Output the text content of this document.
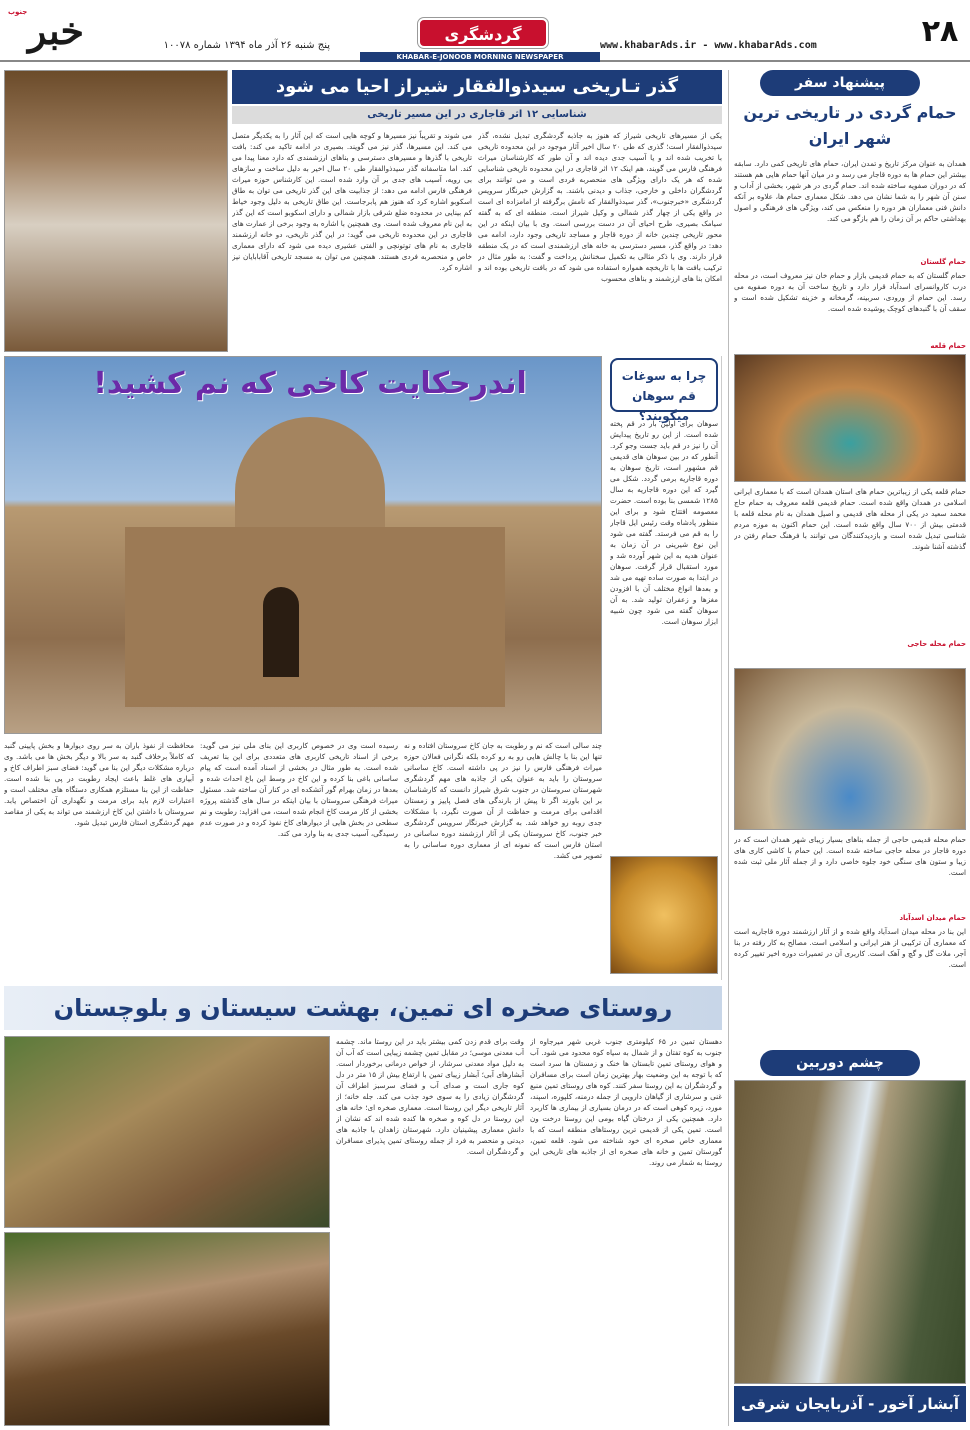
۲۸
www.khabarAds.ir - www.khabarAds.com
گردشگری
KHABAR-E-JONOOB MORNING NEWSPAPER
خبر
جنوب
پنج شنبه ۲۶ آذر ماه ۱۳۹۴ شماره ۱۰۰۷۸
گذر تـاریخی سیدذوالفقار شیراز احیا می شود
شناسایی ۱۲ اثر قاجاری در این مسیر تاریخی
یکی از مسیرهای تاریخی شیراز که هنوز به جاذبه گردشگری تبدیل نشده، گذر سیدذوالفقار است؛ گذری که طی ۲۰ سال اخیر آثار موجود در این محدوده تاریخی با تخریب شده اند و یا آسیب جدی دیده اند و آن طور که کارشناسان میراث فرهنگی فارس می گویند، هم اینک ۱۲ اثر قاجاری در این محدوده تاریخی شناسایی شده که هر یک دارای ویژگی های منحصربه فردی است و می توانند برای گردشگران داخلی و خارجی، جذاب و دیدنی باشند. به گزارش خبرنگار سرویس گردشگری «خبرجنوب»، گذر سیدذوالفقار که نامش برگرفته از امامزاده ای است در واقع یکی از چهار گذر شمالی و وکیل شیراز است. منطقه ای که به گفته سیامک بصیری، طرح احیای آن در دست بررسی است. وی با بیان اینکه در این محور تاریخی چندین خانه از دوره قاجار و مساجد تاریخی وجود دارد، ادامه می دهد: در واقع گذر، مسیر دسترسی به خانه های ارزشمندی است که در یک منطقه قرار دارند. وی با ذکر مثالی به تکمیل سخنانش پرداخت و گفت: به طور مثال در ترکیب بافت ها با تاریخچه همواره استفاده می شود که در بافت تاریخی بوده اند و امکان بنا های ارزشمند و بناهای محسوب
می شوند و تقریباً نیز مسیرها و کوچه هایی است که این آثار را به یکدیگر متصل می کند. این مسیرها، گذر نیز می گویند. بصیری در ادامه تاکید می کند: بافت تاریخی با گذرها و مسیرهای دسترسی و بناهای ارزشمندی که دارد معنا پیدا می کند. اما متاسفانه گذر سیدذوالفقار طی ۲۰ سال اخیر به دلیل ساخت و سازهای بی رویه، آسیب های جدی بر آن وارد شده است. این کارشناس حوزه میراث فرهنگی فارس ادامه می دهد: از جذابیت های این گذر تاریخی می توان به طاق اسکوبو اشاره کرد که هنوز هم پابرجاست. این طاق تاریخی به دلیل وجود خیاط کم بینایی در محدوده ضلع شرقی بازار شمالی و دارای اسکوبو است که این گذر به این نام معروف شده است. وی همچنین با اشاره به وجود برخی از عمارت های قاجاری در این محدوده تاریخی می گوید: در این گذر تاریخی، دو خانه ارزشمند قاجاری به نام های توتونچی و الفتی عشیری دیده می شود که دارای معماری خاص و منحصربه فردی هستند. همچنین می توان به مسجد تاریخی آقابابایان نیز اشاره کرد.
اندرحکایت کاخی که نم کشید!
چند سالی است که نم و رطوبت به جان کاخ سروستان افتاده و نه تنها این بنا با چالش هایی رو به رو کرده بلکه نگرانی فعالان حوزه میراث فرهنگی فارس را نیز در پی داشته است. کاخ ساسانی سروستان را باید به عنوان یکی از جاذبه های مهم گردشگری شهرستان سروستان در جنوب شرق شیراز دانست که کارشناسان بر این باورند اگر تا پیش از بارندگی های فصل پاییز و زمستان اقدامی برای مرمت و حفاظت از آن صورت نگیرد، با مشکلات جدی روبه رو خواهد شد. به گزارش خبرنگار سرویس گردشگری خبر جنوب، کاخ سروستان یکی از آثار ارزشمند دوره ساسانی در استان فارس است که نمونه ای از معماری دوره ساسانی را به تصویر می کشد.
رسیده است وی در خصوص کاربری این بنای ملی نیز می گوید: برخی از اسناد تاریخی کاربری های متعددی برای این بنا تعریف شده است. به طور مثال در بخشی از اسناد آمده است که پیام ساسانی باغی بنا کرده و این کاخ در وسط این باغ احداث شده و بعدها در زمان بهرام گور آتشکده ای در کنار آن ساخته شد. مسئول میراث فرهنگی سروستان با بیان اینکه در سال های گذشته پروژه بخشی از کار مرمت کاخ انجام شده است، می افزاید: رطوبت و نم سطحی در بخش هایی از دیوارهای کاخ نفوذ کرده و در صورت عدم رسیدگی، آسیب جدی به بنا وارد می کند.
محافظت از نفوذ باران به سر روی دیوارها و بخش پایینی گنبد که کاملاً برخلاف گنبد به سر بالا و دیگر بخش ها می باشد. وی درباره مشکلات دیگر این بنا می گوید: فضای سبز اطراف کاخ و آبیاری های غلط باعث ایجاد رطوبت در پی بنا شده است. حفاظت از این بنا مستلزم همکاری دستگاه های مختلف است و اعتبارات لازم باید برای مرمت و نگهداری آن اختصاص یابد. سروستان با داشتن این کاخ ارزشمند می تواند به یکی از مقاصد مهم گردشگری استان فارس تبدیل شود.
چرا به سوغات قم سوهان میگویند؟
سوهان برای اولین بار در قم پخته شده است. از این رو تاریخ پیدایش آن را نیز در قم باید جست وجو کرد. آنطور که در بین سوهان های قدیمی قم مشهور است، تاریخ سوهان به دوره قاجاریه برمی گردد. شکل می گیرد که این دوره قاجاریه به سال ۱۲۸۵ شمسی بنا بوده است. حضرت معصومه افتتاح شود و برای این منظور پادشاه وقت رئیس ایل قاجار را به قم می فرستد. گفته می شود این نوع شیرینی در آن زمان به عنوان هدیه به این شهر آورده شد و مورد استقبال قرار گرفت. سوهان در ابتدا به صورت ساده تهیه می شد و بعدها انواع مختلف آن با افزودن مغزها و زعفران تولید شد. به آن سوهان گفته می شود چون شبیه ابزار سوهان است.
روستای صخره ای تمین، بهشت سیستان و بلوچستان
دهستان تمین در ۶۵ کیلومتری جنوب غربی شهر میرجاوه از جنوب به کوه تفتان و از شمال به سیاه کوه محدود می شود. آب و هوای روستای تمین تابستان ها خنک و زمستان ها سرد است که با توجه به این وضعیت بهار بهترین زمان است برای مسافران و گردشگران به این روستا سفر کنند. کوه های روستای تمین منبع غنی و سرشاری از گیاهان دارویی از جمله درمنه، کلپوره، اسپند، مورد، زیره کوهی است که در درمان بسیاری از بیماری ها کاربرد دارد. همچنین یکی از درختان گیاه بومی این روستا درخت ون است. تمین یکی از قدیمی ترین روستاهای منطقه است که با معماری خاص صخره ای خود شناخته می شود. قلعه تمین، گورستان تمین و خانه های صخره ای از جاذبه های تاریخی این روستا به شمار می روند.
وقت برای قدم زدن کمی بیشتر باید در این روستا ماند. چشمه آب معدنی موسی؛ در مقابل تمین چشمه زیبایی است که آب آن به دلیل مواد معدنی سرشار، از خواص درمانی برخوردار است. آبشارهای آبی؛ آبشار زیبای تمین با ارتفاع بیش از ۱۵ متر در دل کوه جاری است و صدای آب و فضای سرسبز اطراف آن گردشگران زیادی را به سوی خود جذب می کند. جله خانه؛ از آثار تاریخی دیگر این روستا است. معماری صخره ای؛ خانه های این روستا در دل کوه و صخره ها کنده شده اند که نشان از دانش معماری پیشینیان دارد. شهرستان زاهدان با جاذبه های دیدنی و منحصر به فرد از جمله روستای تمین پذیرای مسافران و گردشگران است.
پیشنهاد سفر
حمام گردی در تاریخی ترین شهر ایران
همدان به عنوان مرکز تاریخ و تمدن ایران، حمام های تاریخی کمی دارد. سابقه بیشتر این حمام ها به دوره قاجار می رسد و در میان آنها حمام هایی هم هستند که در دوران صفویه ساخته شده اند. حمام گردی در هر شهر، بخشی از آداب و سنن آن شهر را به شما نشان می دهد. شکل معماری حمام ها، علاوه بر آنکه دانش فنی معماران هر دوره را منعکس می کند، ویژگی های فرهنگی و اصول بهداشتی حاکم بر آن زمان را هم بازگو می کند.
حمام گلستان
حمام گلستان که به حمام قدیمی بازار و حمام خان نیز معروف است، در محله درب کاروانسرای اسدآباد قرار دارد و تاریخ ساخت آن به دوره صفویه می رسد. این حمام از ورودی، سربینه، گرمخانه و خزینه تشکیل شده است و سقف آن با گنبدهای کوچک پوشیده شده است.
حمام قلعه
حمام قلعه یکی از زیباترین حمام های استان همدان است که با معماری ایرانی اسلامی در همدان واقع شده است. حمام قدیمی قلعه معروف به حمام حاج محمد سعید در یکی از محله های قدیمی و اصیل همدان به نام محله قلعه با قدمتی بیش از ۷۰۰ سال واقع شده است. این حمام اکنون به موزه مردم شناسی تبدیل شده است و بازدیدکنندگان می توانند با فرهنگ حمام رفتن در گذشته آشنا شوند.
حمام محله حاجی
حمام محله قدیمی حاجی از جمله بناهای بسیار زیبای شهر همدان است که در دوره قاجار در محله حاجی ساخته شده است. این حمام با کاشی کاری های زیبا و ستون های سنگی خود جلوه خاصی دارد و از جمله آثار ملی ثبت شده است.
حمام میدان اسدآباد
این بنا در محله میدان اسدآباد واقع شده و از آثار ارزشمند دوره قاجاریه است که معماری آن ترکیبی از هنر ایرانی و اسلامی است. مصالح به کار رفته در بنا آجر، ملات گل و گچ و آهک است. کاربری آن در تعمیرات دوره اخیر تغییر کرده است.
چشم دوربین
آبشار آخور - آذربایجان شرقی
